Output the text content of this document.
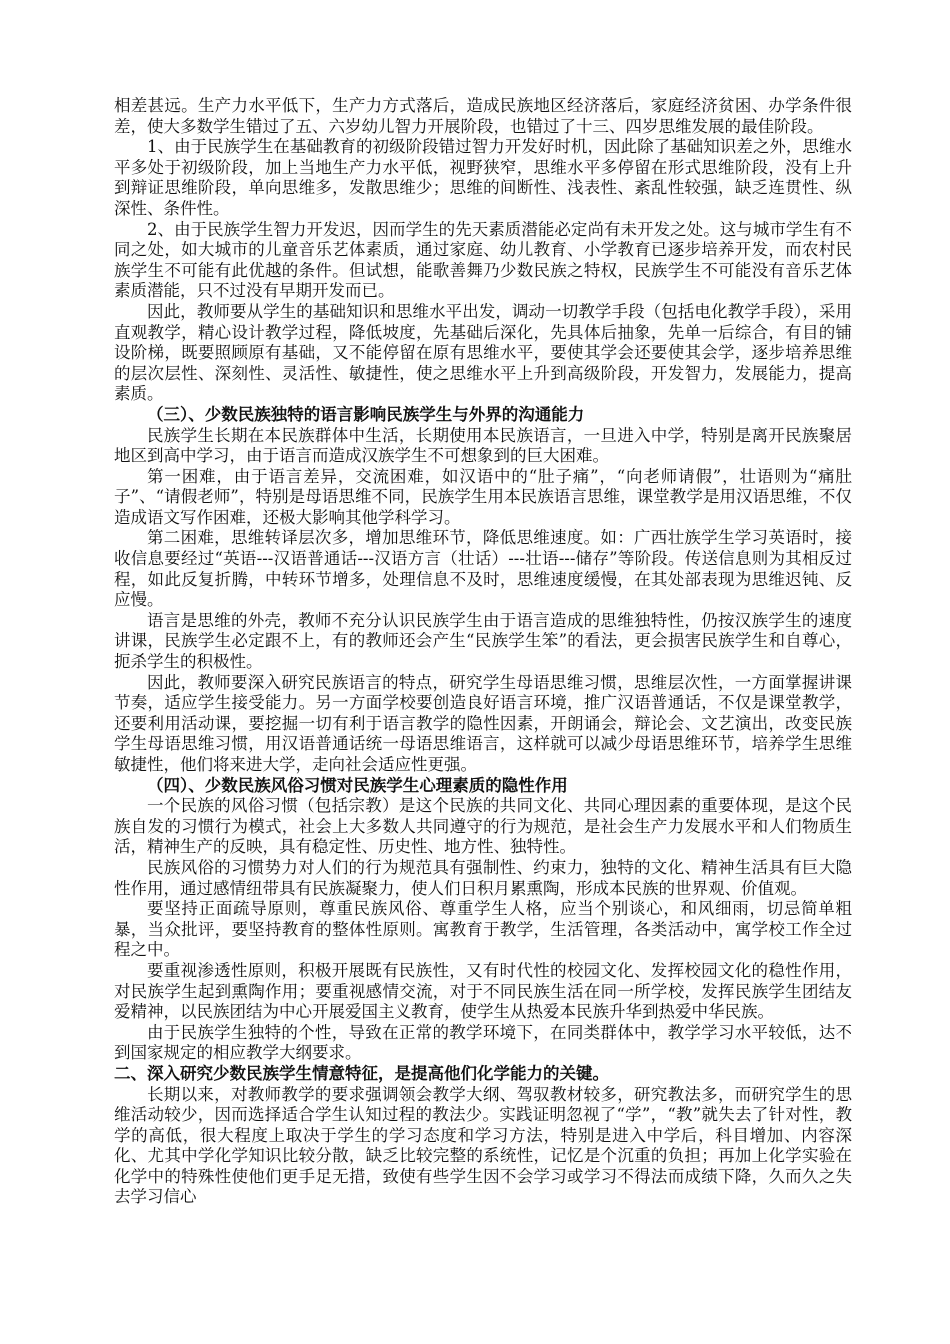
相差甚远。生产力水平低下，生产力方式落后，造成民族地区经济落后，家庭经济贫困、办学条件很差，使大多数学生错过了五、六岁幼儿智力开展阶段，也错过了十三、四岁思维发展的最佳阶段。

1、由于民族学生在基础教育的初级阶段错过智力开发好时机，因此除了基础知识差之外，思维水平多处于初级阶段，加上当地生产力水平低，视野狭窄，思维水平多停留在形式思维阶段，没有上升到辩证思维阶段，单向思维多，发散思维少；思维的间断性、浅表性、紊乱性较强，缺乏连贯性、纵深性、条件性。

2、由于民族学生智力开发迟，因而学生的先天素质潜能必定尚有未开发之处。这与城市学生有不同之处，如大城市的儿童音乐艺体素质，通过家庭、幼儿教育、小学教育已逐步培养开发，而农村民族学生不可能有此优越的条件。但试想，能歌善舞乃少数民族之特权，民族学生不可能没有音乐艺体素质潜能，只不过没有早期开发而已。

因此，教师要从学生的基础知识和思维水平出发，调动一切教学手段（包括电化教学手段），采用直观教学，精心设计教学过程，降低坡度，先基础后深化，先具体后抽象，先单一后综合，有目的铺设阶梯，既要照顾原有基础，又不能停留在原有思维水平，要使其学会还要使其会学，逐步培养思维的层次层性、深刻性、灵活性、敏捷性，使之思维水平上升到高级阶段，开发智力，发展能力，提高素质。

（三）、少数民族独特的语言影响民族学生与外界的沟通能力

民族学生长期在本民族群体中生活，长期使用本民族语言，一旦进入中学，特别是离开民族聚居地区到高中学习，由于语言而造成汉族学生不可想象到的巨大困难。

第一困难，由于语言差异，交流困难，如汉语中的“肚子痛”，“向老师请假”，壮语则为“痛肚子”、“请假老师”，特别是母语思维不同，民族学生用本民族语言思维，课堂教学是用汉语思维，不仅造成语文写作困难，还极大影响其他学科学习。

第二困难，思维转译层次多，增加思维环节，降低思维速度。如：广西壮族学生学习英语时，接收信息要经过“英语---汉语普通话---汉语方言（壮话）---壮语---储存”等阶段。传送信息则为其相反过程，如此反复折腾，中转环节增多，处理信息不及时，思维速度缓慢，在其处部表现为思维迟钝、反应慢。

语言是思维的外壳，教师不充分认识民族学生由于语言造成的思维独特性，仍按汉族学生的速度讲课，民族学生必定跟不上，有的教师还会产生“民族学生笨”的看法，更会损害民族学生和自尊心，扼杀学生的积极性。

因此，教师要深入研究民族语言的特点，研究学生母语思维习惯，思维层次性，一方面掌握讲课节奏，适应学生接受能力。另一方面学校要创造良好语言环境，推广汉语普通话，不仅是课堂教学，还要利用活动课，要挖掘一切有利于语言教学的隐性因素，开朗诵会，辩论会、文艺演出，改变民族学生母语思维习惯，用汉语普通话统一母语思维语言，这样就可以减少母语思维环节，培养学生思维敏捷性，他们将来进大学，走向社会适应性更强。

（四）、少数民族风俗习惯对民族学生心理素质的隐性作用

一个民族的风俗习惯（包括宗教）是这个民族的共同文化、共同心理因素的重要体现，是这个民族自发的习惯行为模式，社会上大多数人共同遵守的行为规范，是社会生产力发展水平和人们物质生活，精神生产的反映，具有稳定性、历史性、地方性、独特性。

民族风俗的习惯势力对人们的行为规范具有强制性、约束力，独特的文化、精神生活具有巨大隐性作用，通过感情纽带具有民族凝聚力，使人们日积月累熏陶，形成本民族的世界观、价值观。

要坚持正面疏导原则，尊重民族风俗、尊重学生人格，应当个别谈心，和风细雨，切忌简单粗暴，当众批评，要坚持教育的整体性原则。寓教育于教学，生活管理，各类活动中，寓学校工作全过程之中。

要重视渗透性原则，积极开展既有民族性，又有时代性的校园文化、发挥校园文化的稳性作用，对民族学生起到熏陶作用；要重视感情交流，对于不同民族生活在同一所学校，发挥民族学生团结友爱精神，以民族团结为中心开展爱国主义教育，使学生从热爱本民族升华到热爱中华民族。

由于民族学生独特的个性，导致在正常的教学环境下，在同类群体中，教学学习水平较低，达不到国家规定的相应教学大纲要求。

二、深入研究少数民族学生情意特征，是提高他们化学能力的关键。

长期以来，对教师教学的要求强调领会教学大纲、驾驭教材较多，研究教法多，而研究学生的思维活动较少，因而选择适合学生认知过程的教法少。实践证明忽视了“学”，“教”就失去了针对性，教学的高低，很大程度上取决于学生的学习态度和学习方法，特别是进入中学后，科目增加、内容深化、尤其中学化学知识比较分散，缺乏比较完整的系统性，记忆是个沉重的负担；再加上化学实验在化学中的特殊性使他们更手足无措，致使有些学生因不会学习或学习不得法而成绩下降，久而久之失去学习信心
